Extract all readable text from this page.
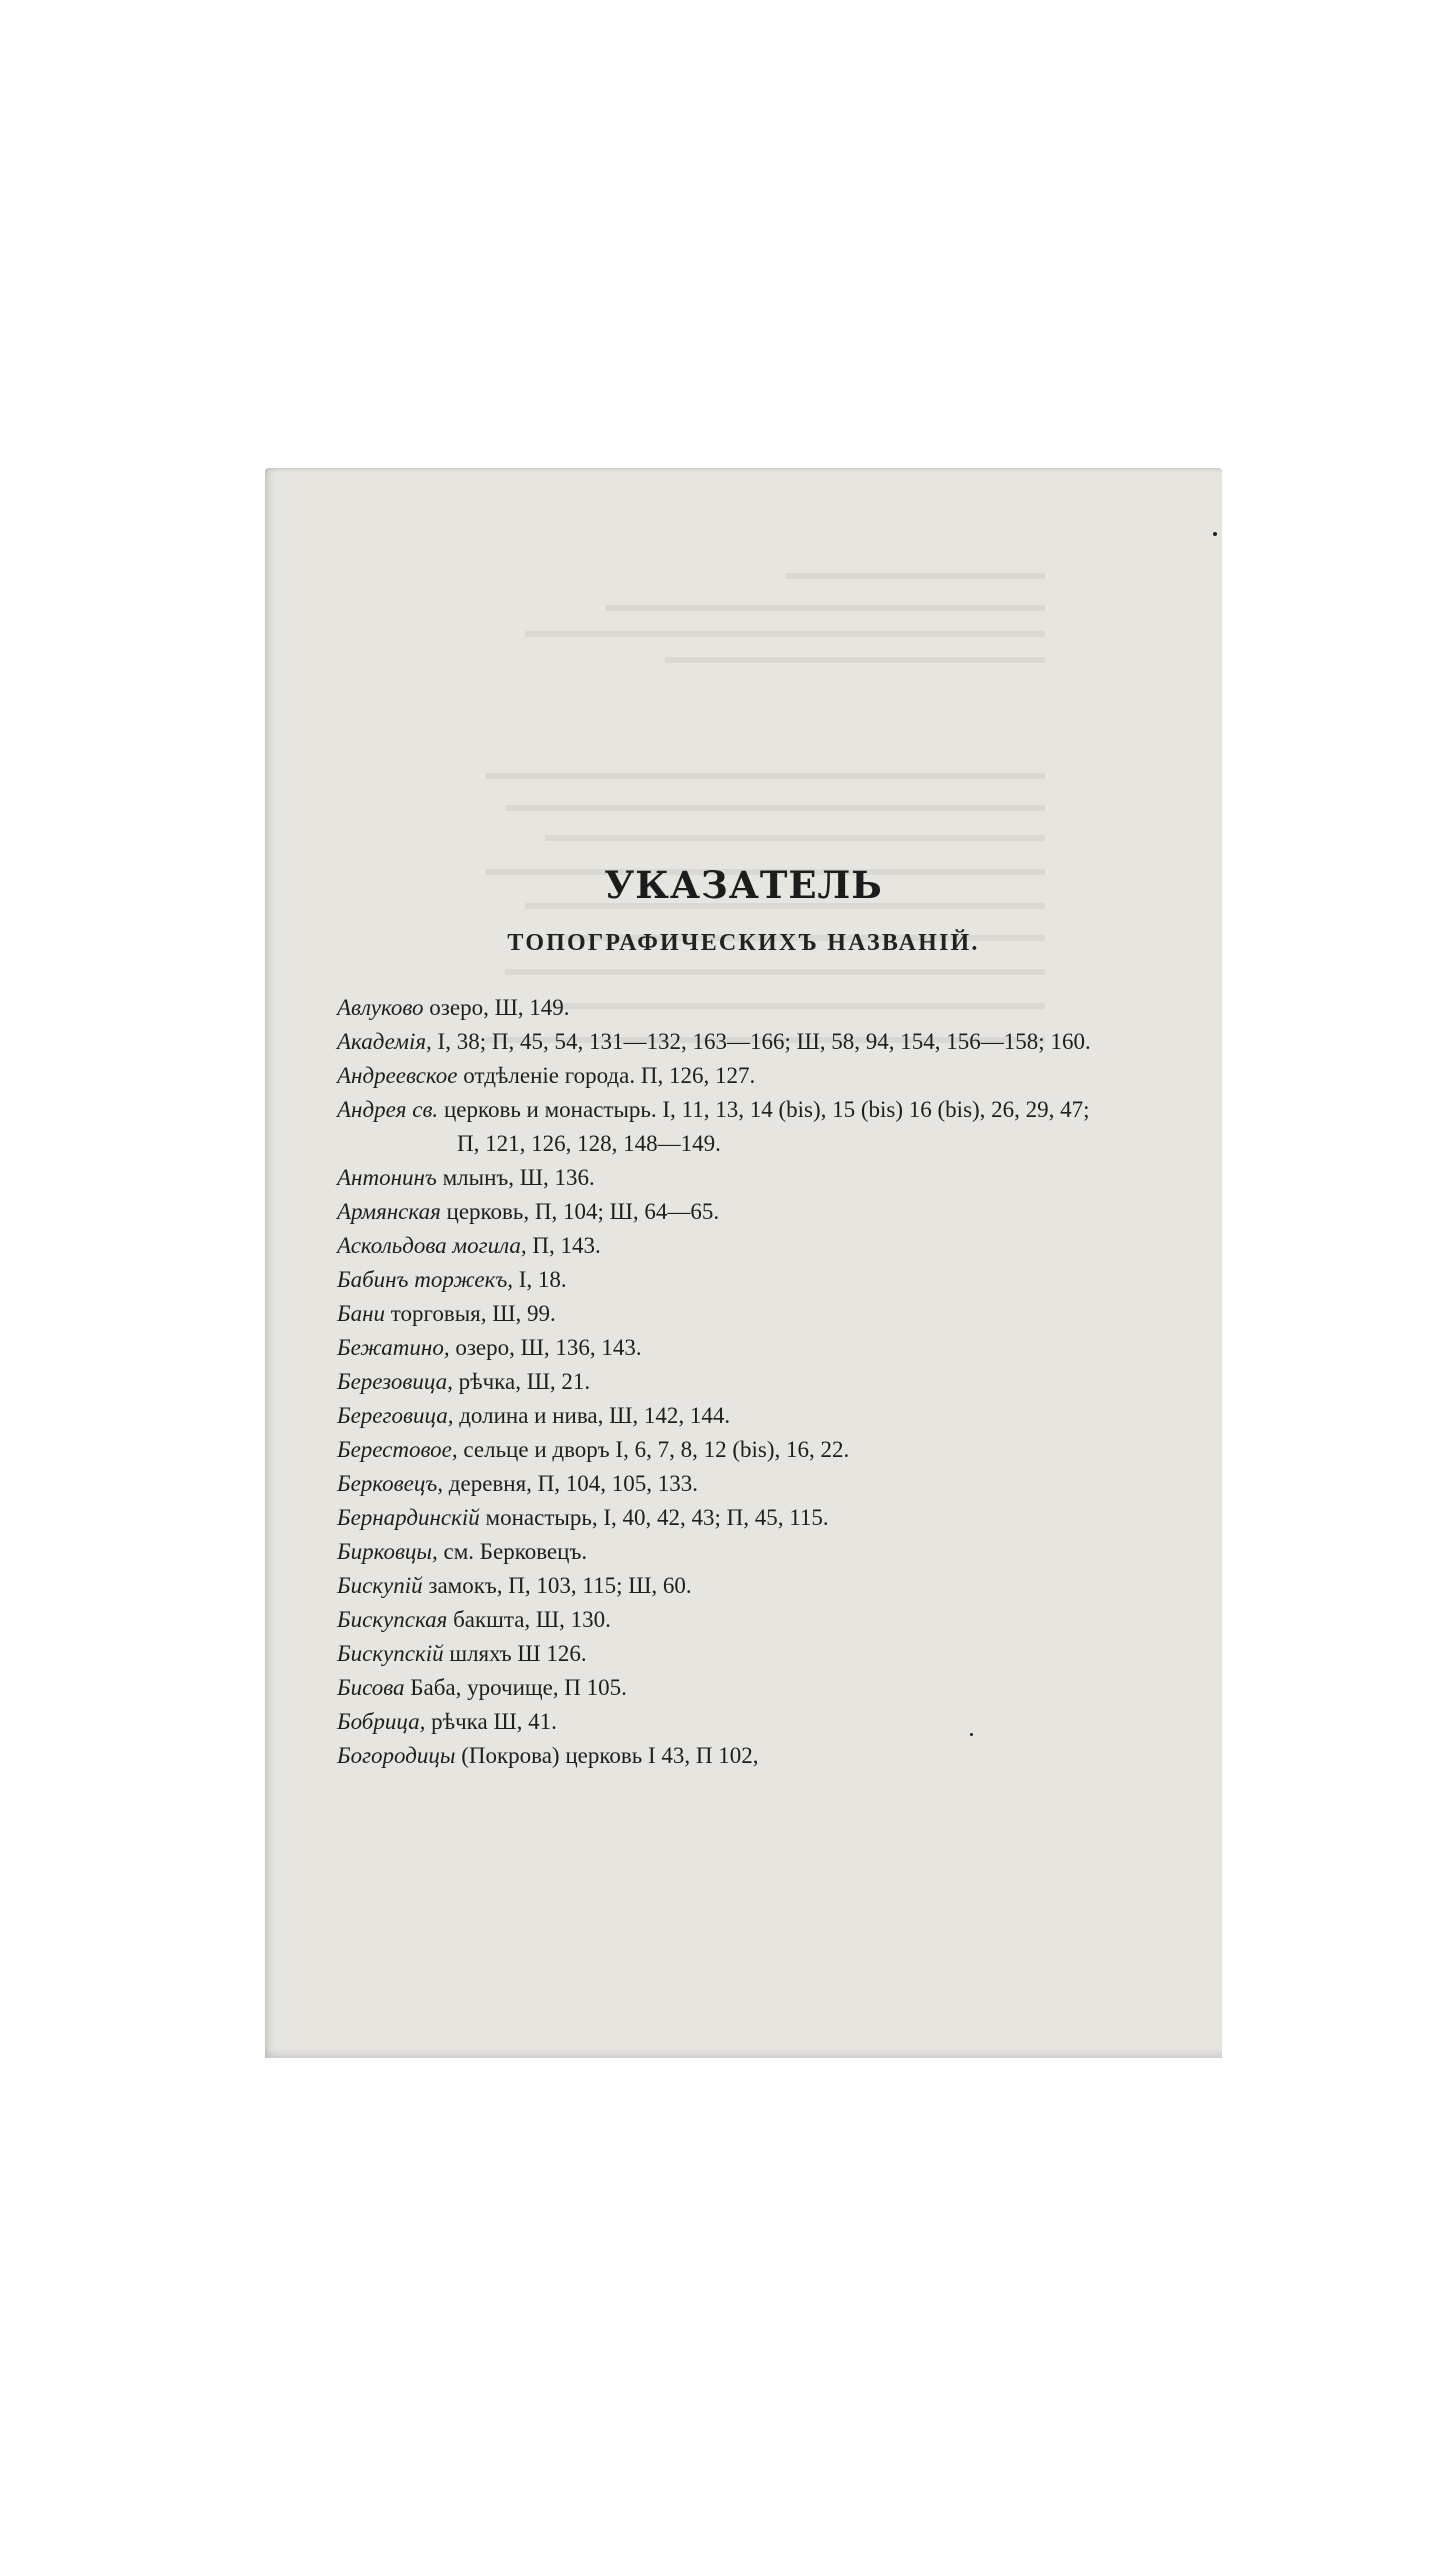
УКАЗАТЕЛЬ
ТОПОГРАФИЧЕСКИХЪ НАЗВАНІЙ.
Авлуково озеро, Ш, 149.
Академія, I, 38; П, 45, 54, 131—132, 163—166; Ш, 58, 94, 154, 156—158; 160.
Андреевское отдѣленіе города. П, 126, 127.
Андрея св. церковь и монастырь. I, 11, 13, 14 (bis), 15 (bis) 16 (bis), 26, 29, 47; П, 121, 126, 128, 148—149.
Антонинъ млынъ, Ш, 136.
Армянская церковь, П, 104; Ш, 64—65.
Аскольдова могила, П, 143.
Бабинъ торжекъ, I, 18.
Бани торговыя, Ш, 99.
Бежатино, озеро, Ш, 136, 143.
Березовица, рѣчка, Ш, 21.
Береговица, долина и нива, Ш, 142, 144.
Берестовое, сельце и дворъ I, 6, 7, 8, 12 (bis), 16, 22.
Берковецъ, деревня, П, 104, 105, 133.
Бернардинскій монастырь, I, 40, 42, 43; П, 45, 115.
Бирковцы, см. Берковецъ.
Бискупій замокъ, П, 103, 115; Ш, 60.
Бискупская бакшта, Ш, 130.
Бискупскій шляхъ Ш 126.
Бисова Баба, урочище, П 105.
Бобрица, рѣчка Ш, 41.
Богородицы (Покрова) церковь I 43, П 102,
